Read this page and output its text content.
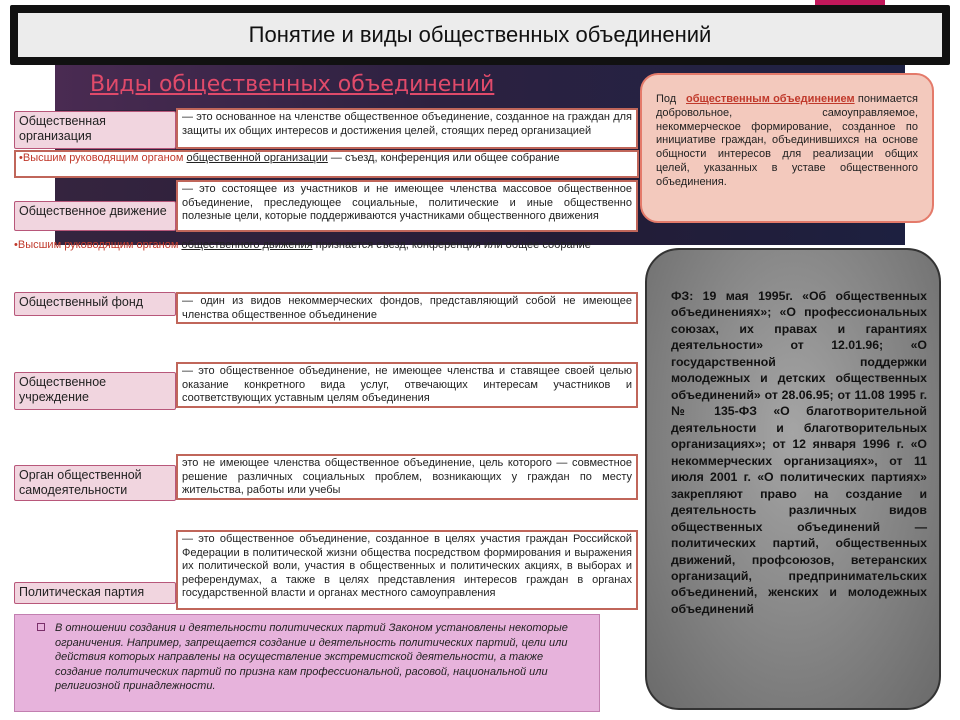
Понятие и виды общественных объединений
Виды общественных объединений
Общественная организация
— это основанное на членстве общественное объединение, созданное на граждан для защиты их общих интересов и достижения целей, стоящих перед организацией
•Высшим руководящим органом общественной организации — съезд, конференция или общее собрание
— это состоящее из участников и не имеющее членства массовое общественное объединение, преследующее социальные, политические и иные общественно полезные цели, которые поддерживаются участниками общественного движения
Общественное движение
•Высшим руководящим органом общественного движения признается съезд, конференция или общее собрание
Общественный фонд
—	один из видов некоммерческих фондов, представляющий собой не имеющее членства общественное объединение
— это общественное объединение, не имеющее членства и ставящее своей целью оказание конкретного вида услуг, отвечающих интересам участников и соответствующих уставным целям объединения
Общественное учреждение
Орган общественной самодеятельности
это не имеющее членства общественное объединение, цель которого — совместное решение различных социальных проблем, возникающих у граждан по месту жительства, работы или учебы
— это общественное объединение, созданное в целях участия граждан Российской Федерации в политической жизни общества посредством формирования и выражения их политической воли, участия в общественных и политических акциях, в выборах и референдумах, а также в целях представления интересов граждан в органах государственной власти и органах местного самоуправления
Политическая партия
Под общественным объединением понимается добровольное, самоуправляемое, некоммерческое формирование, созданное по инициативе граждан, объединившихся на основе общности интересов для реализации общих целей, указанных в уставе общественного объединения.
ФЗ: 19 мая 1995г. «Об общественных объединениях»; «О профессиональных союзах, их правах и гарантиях деятельности» от 12.01.96; «О государственной поддержки молодежных и детских общественных объединений» от 28.06.95; от 11.08 1995 г. № 135-ФЗ «О благотворительной деятельности и благотворительных организациях»; от 12 января 1996 г. «О некоммерческих организациях», от 11 июля 2001 г. «О политических партиях» закрепляют право на создание и деятельность различных видов общественных объединений — политических партий, общественных движений, профсоюзов, ветеранских организаций, предпринимательских объединений, женских и молодежных объединений
В отношении создания и деятельности политических партий Законом установлены некоторые ограничения. Например, запрещается создание и деятельность политических партий, цели или действия которых направлены на осуществление экстремистской деятельности, а также создание политических партий по призна кам профессиональной, расовой, национальной или религиозной принадлежности.
